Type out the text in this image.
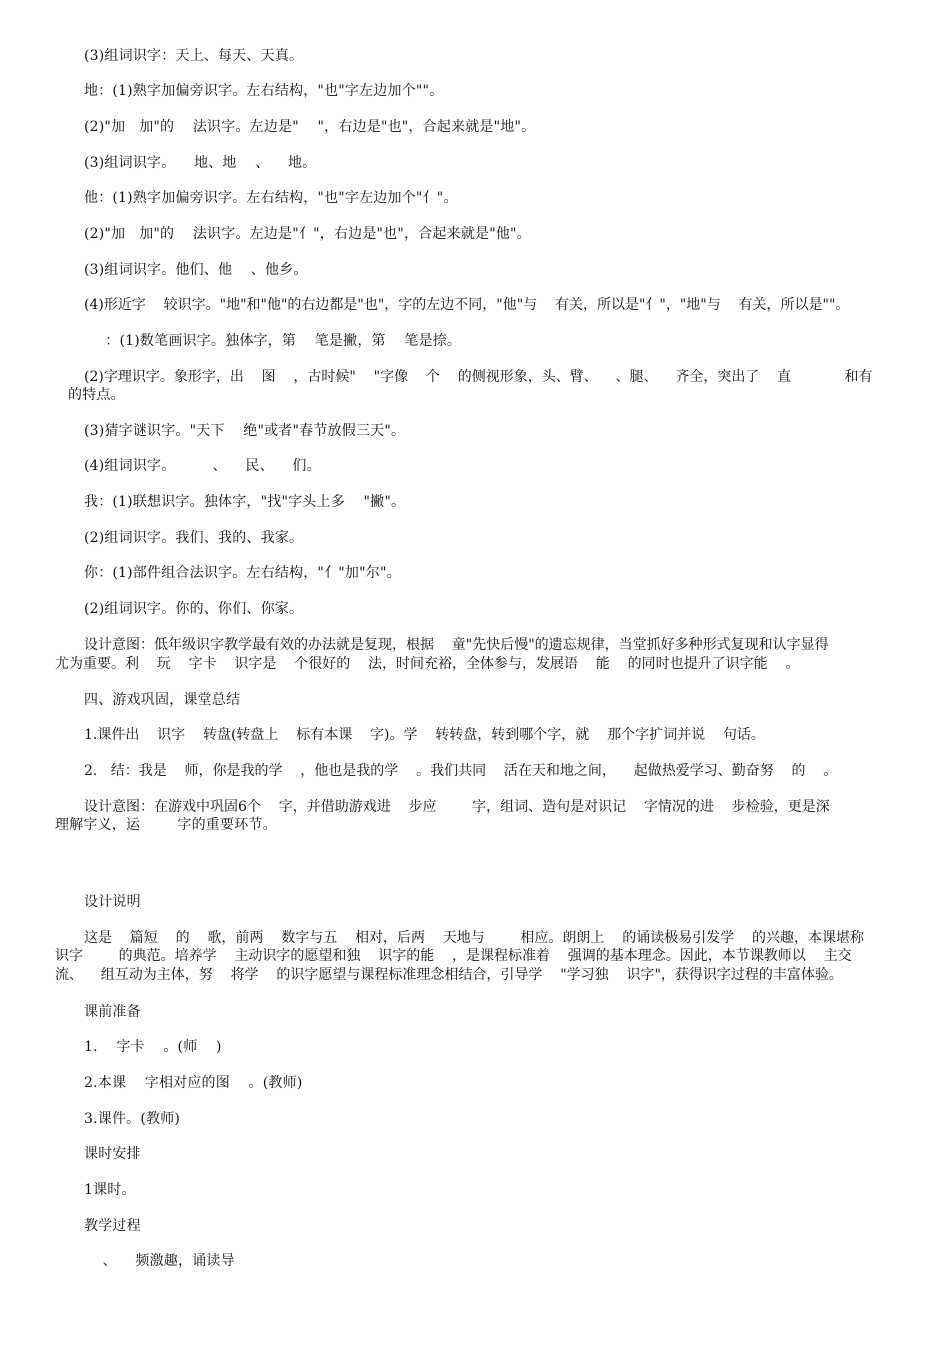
(3)组词识字：天上、每天、天真。
地：(1)熟字加偏旁识字。左右结构，"也"字左边加个""。
(2)"加   加"的    法识字。左边是"    "，右边是"也"，合起来就是"地"。
(3)组词识字。    地、地    、    地。
他：(1)熟字加偏旁识字。左右结构，"也"字左边加个"亻"。
(2)"加   加"的    法识字。左边是"亻"，右边是"也"，合起来就是"他"。
(3)组词识字。他们、他    、他乡。
(4)形近字    较识字。"地"和"他"的右边都是"也"，字的左边不同，"他"与    有关，所以是"亻"，"地"与    有关，所以是""。
：(1)数笔画识字。独体字，第    笔是撇，第    笔是捺。
(2)字理识字。象形字，出    图    ，古时候"    "字像    个    的侧视形象，头、臂、    、腿、    齐全，突出了    直            和有
的特点。
(3)猜字谜识字。"天下    绝"或者"春节放假三天"。
(4)组词识字。        、    民、    们。
我：(1)联想识字。独体字，"找"字头上多    "撇"。
(2)组词识字。我们、我的、我家。
你：(1)部件组合法识字。左右结构，"亻"加"尔"。
(2)组词识字。你的、你们、你家。
设计意图：低年级识字教学最有效的办法就是复现，根据    童"先快后慢"的遗忘规律，当堂抓好多种形式复现和认字显得
尤为重要。利    玩    字卡    识字是    个很好的    法，时间充裕，全体参与，发展语    能    的同时也提升了识字能    。
四、游戏巩固，课堂总结
1.课件出    识字    转盘(转盘上    标有本课    字)。学    转转盘，转到哪个字，就    那个字扩词并说    句话。
2.   结：我是    师，你是我的学    ，他也是我的学    。我们共同    活在天和地之间，    起做热爱学习、勤奋努    的    。
设计意图：在游戏中巩固6个    字，并借助游戏进    步应        字，组词、造句是对识记    字情况的进    步检验，更是深
理解字义，运        字的重要环节。
设计说明
这是    篇短    的    歌，前两    数字与五    相对，后两    天地与        相应。朗朗上    的诵读极易引发学    的兴趣，本课堪称
识字        的典范。培养学    主动识字的愿望和独    识字的能    ，是课程标准着    强调的基本理念。因此，本节课教师以    主交
流、    组互动为主体，努    将学    的识字愿望与课程标准理念相结合，引导学    "学习独    识字"，获得识字过程的丰富体验。
课前准备
1.    字卡    。(师    )
2.本课    字相对应的图    。(教师)
3.课件。(教师)
课时安排
1课时。
教学过程
、    频激趣，诵读导
